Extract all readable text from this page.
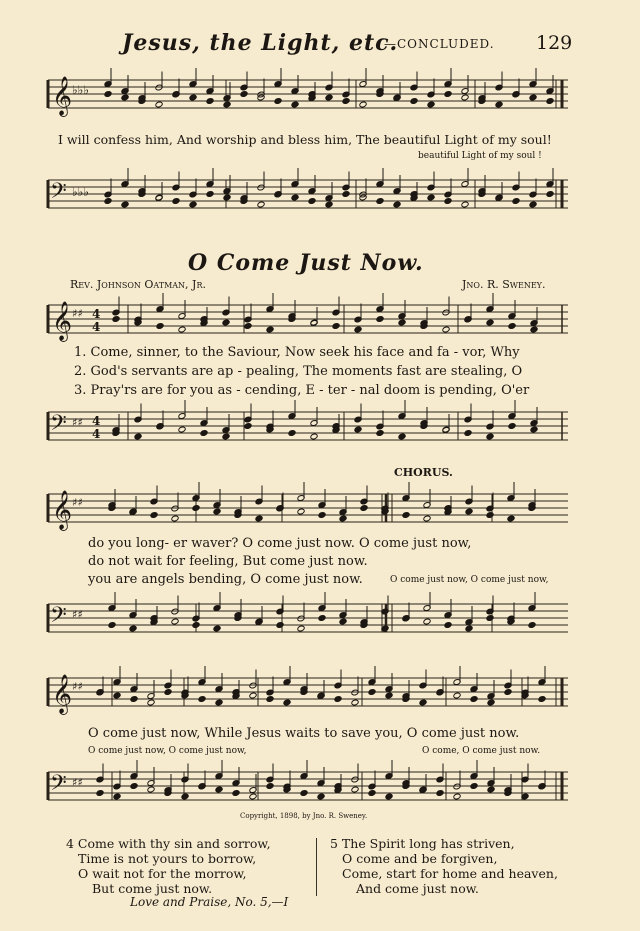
Jesus, the Light, etc.
—CONCLUDED. 129
𝄞 ♭♭♭
I will confess him, And worship and bless him, The beautiful Light of my soul!
beautiful Light of my soul !
𝄢 ♭♭♭
O Come Just Now.
Rev. Johnson Oatman, Jr.	Jno. R. Sweney.
𝄞 ♯♯ 4
4
1. Come, sinner, to the Saviour, Now seek his face and fa - vor, Why
2. God's servants are ap - pealing, The moments fast are stealing, O
3. Pray'rs are for you as - cending, E - ter - nal doom is pending, O'er
𝄢 ♯♯ 4
4
CHORUS.
𝄞 ♯♯
do you long- er waver? O come just now. O come just now,
do not wait for feeling, But come just now.
you are angels bending, O come just now.	O come just now, O come just now,
𝄢 ♯♯
𝄞 ♯♯
O come just now, While Jesus waits to save you, O come just now.
O come just now, O come just now,	O come, O come just now.
𝄢 ♯♯
Copyright, 1898, by Jno. R. Sweney.
4 Come with thy sin and sorrow,
Time is not yours to borrow,
O wait not for the morrow,
But come just now.
5 The Spirit long has striven,
O come and be forgiven,
Come, start for home and heaven,
And come just now.
Love and Praise, No. 5,—I
